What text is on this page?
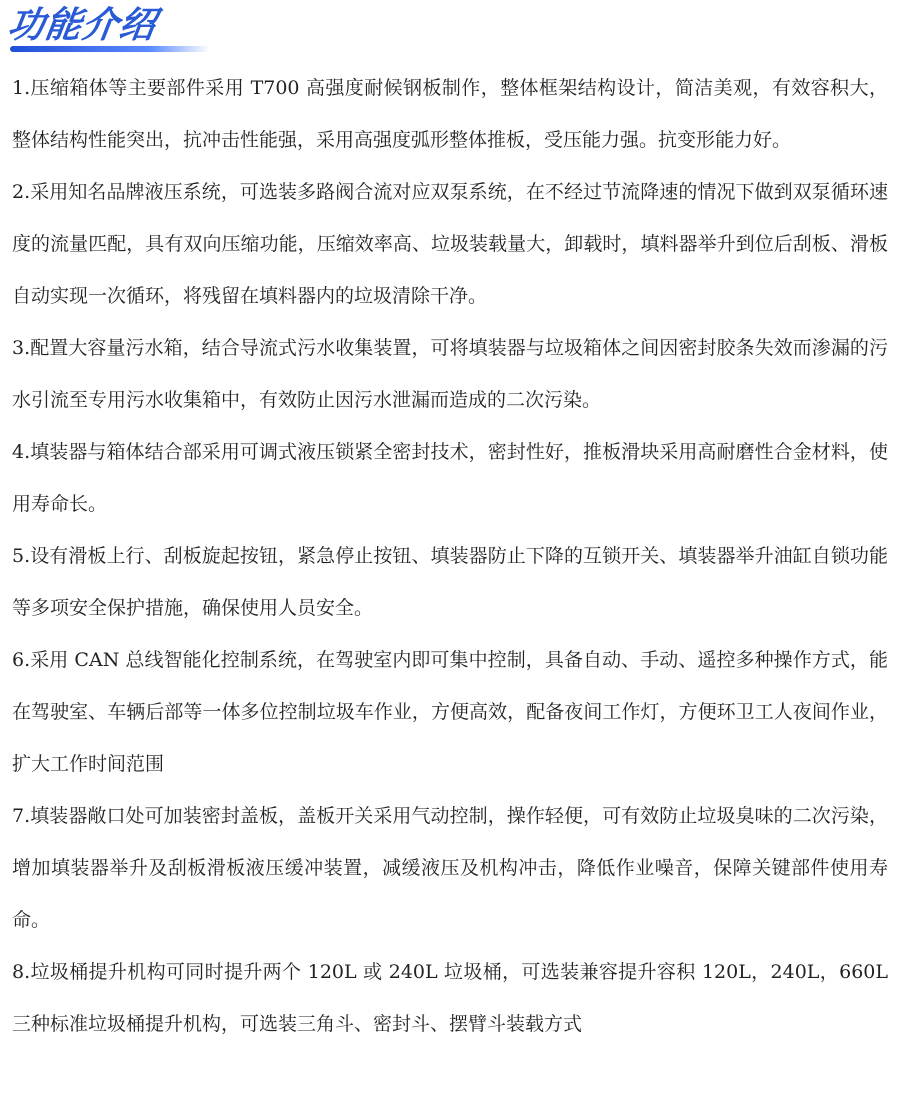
功能介绍

1.压缩箱体等主要部件采用 T700 高强度耐候钢板制作，整体框架结构设计，简洁美观，有效容积大，整体结构性能突出，抗冲击性能强，采用高强度弧形整体推板，受压能力强。抗变形能力好。

2.采用知名品牌液压系统，可选装多路阀合流对应双泵系统，在不经过节流降速的情况下做到双泵循环速度的流量匹配，具有双向压缩功能，压缩效率高、垃圾装载量大，卸载时，填料器举升到位后刮板、滑板自动实现一次循环，将残留在填料器内的垃圾清除干净。

3.配置大容量污水箱，结合导流式污水收集装置，可将填装器与垃圾箱体之间因密封胶条失效而渗漏的污水引流至专用污水收集箱中，有效防止因污水泄漏而造成的二次污染。

4.填装器与箱体结合部采用可调式液压锁紧全密封技术，密封性好，推板滑块采用高耐磨性合金材料，使用寿命长。

5.设有滑板上行、刮板旋起按钮，紧急停止按钮、填装器防止下降的互锁开关、填装器举升油缸自锁功能等多项安全保护措施，确保使用人员安全。

6.采用 CAN 总线智能化控制系统，在驾驶室内即可集中控制，具备自动、手动、遥控多种操作方式，能在驾驶室、车辆后部等一体多位控制垃圾车作业，方便高效，配备夜间工作灯，方便环卫工人夜间作业，扩大工作时间范围

7.填装器敞口处可加装密封盖板，盖板开关采用气动控制，操作轻便，可有效防止垃圾臭味的二次污染，增加填装器举升及刮板滑板液压缓冲装置，减缓液压及机构冲击，降低作业噪音，保障关键部件使用寿命。

8.垃圾桶提升机构可同时提升两个 120L 或 240L 垃圾桶，可选装兼容提升容积 120L，240L，660L 三种标准垃圾桶提升机构，可选装三角斗、密封斗、摆臂斗装载方式
